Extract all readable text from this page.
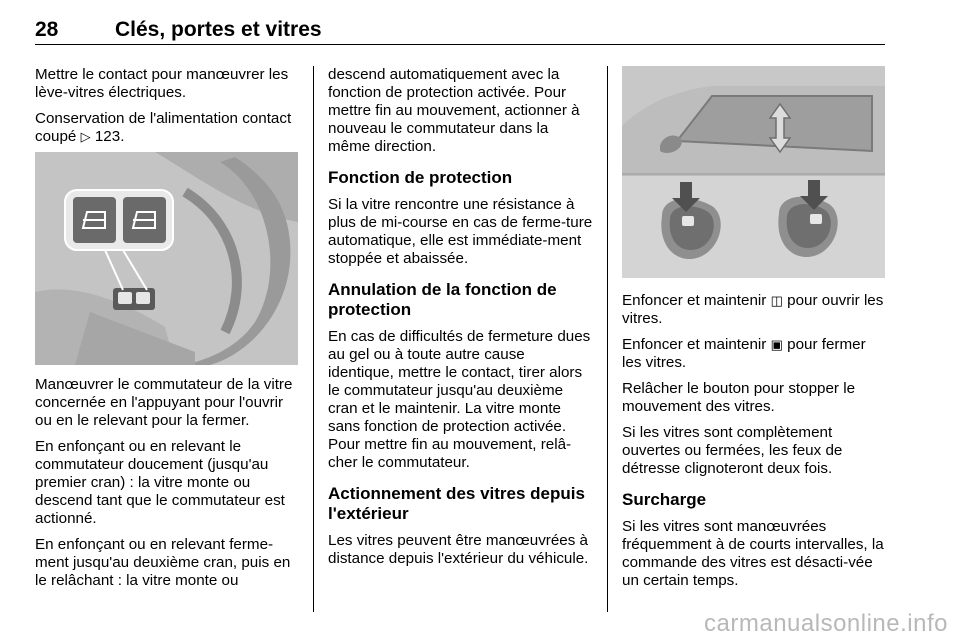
28	Clés, portes et vitres

Mettre le contact pour manœuvrer les lève-vitres électriques.

Conservation de l'alimentation contact coupé ▷ 123.

Manœuvrer le commutateur de la vitre concernée en l'appuyant pour l'ouvrir ou en le relevant pour la fermer.

En enfonçant ou en relevant le commutateur doucement (jusqu'au premier cran) : la vitre monte ou descend tant que le commutateur est actionné.

En enfonçant ou en relevant ferme-ment jusqu'au deuxième cran, puis en le relâchant : la vitre monte ou

descend automatiquement avec la fonction de protection activée. Pour mettre fin au mouvement, actionner à nouveau le commutateur dans la même direction.

Fonction de protection

Si la vitre rencontre une résistance à plus de mi-course en cas de ferme-ture automatique, elle est immédiate-ment stoppée et abaissée.

Annulation de la fonction de protection

En cas de difficultés de fermeture dues au gel ou à toute autre cause identique, mettre le contact, tirer alors le commutateur jusqu'au deuxième cran et le maintenir. La vitre monte sans fonction de protection activée. Pour mettre fin au mouvement, relâ-cher le commutateur.

Actionnement des vitres depuis l'extérieur

Les vitres peuvent être manœuvrées à distance depuis l'extérieur du véhicule.

Enfoncer et maintenir ◫ pour ouvrir les vitres.

Enfoncer et maintenir ▣ pour fermer les vitres.

Relâcher le bouton pour stopper le mouvement des vitres.

Si les vitres sont complètement ouvertes ou fermées, les feux de détresse clignoteront deux fois.

Surcharge

Si les vitres sont manœuvrées fréquemment à de courts intervalles, la commande des vitres est désacti-vée un certain temps.

carmanualsonline.info
